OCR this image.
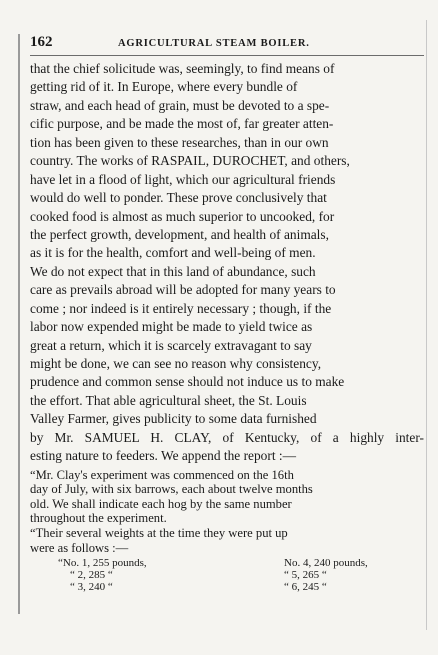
162	AGRICULTURAL STEAM BOILER.
that the chief solicitude was, seemingly, to find means of
getting rid of it. In Europe, where every bundle of
straw, and each head of grain, must be devoted to a spe-
cific purpose, and be made the most of, far greater atten-
tion has been given to these researches, than in our own
country. The works of RASPAIL, DUROCHET, and others,
have let in a flood of light, which our agricultural friends
would do well to ponder. These prove conclusively that
cooked food is almost as much superior to uncooked, for
the perfect growth, development, and health of animals,
as it is for the health, comfort and well-being of men.
We do not expect that in this land of abundance, such
care as prevails abroad will be adopted for many years to
come ; nor indeed is it entirely necessary ; though, if the
labor now expended might be made to yield twice as
great a return, which it is scarcely extravagant to say
might be done, we can see no reason why consistency,
prudence and common sense should not induce us to make
the effort. That able agricultural sheet, the St. Louis
Valley Farmer, gives publicity to some data furnished
by Mr. SAMUEL H. CLAY, of Kentucky, of a highly inter-
esting nature to feeders. We append the report :—
“Mr. Clay's experiment was commenced on the 16th
day of July, with six barrows, each about twelve months
old. We shall indicate each hog by the same number
throughout the experiment.
“Their several weights at the time they were put up
were as follows :—
“No. 1, 255 pounds,
“ 2, 285 “
“ 3, 240 “
No. 4, 240 pounds,
“ 5, 265 “
“ 6, 245 “
